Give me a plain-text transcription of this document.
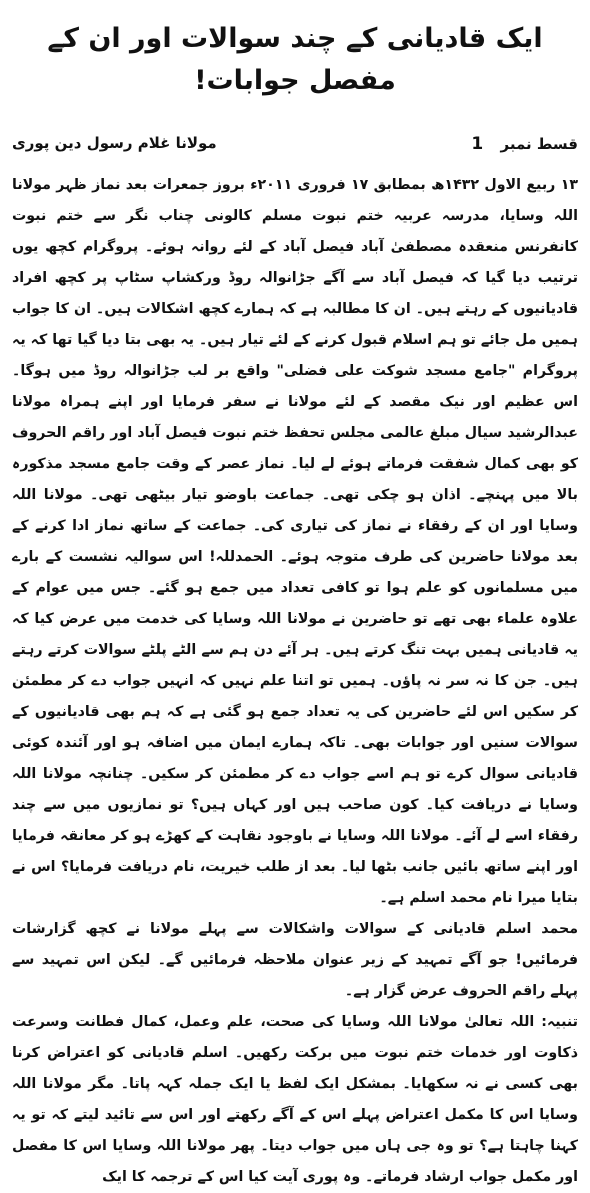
ایک قادیانی کے چند سوالات اور ان کے مفصل جوابات!
قسط نمبر 1
مولانا غلام رسول دین پوری

۱۳ ربیع الاول ۱۴۳۲ھ بمطابق ۱۷ فروری ۲۰۱۱ء بروز جمعرات بعد نماز ظہر مولانا اللہ وسایا، مدرسہ عربیہ ختم نبوت مسلم کالونی چناب نگر سے ختم نبوت کانفرنس منعقدہ مصطفیٰ آباد فیصل آباد کے لئے روانہ ہوئے۔ پروگرام کچھ یوں ترتیب دیا گیا کہ فیصل آباد سے آگے جڑانوالہ روڈ ورکشاپ سٹاپ پر کچھ افراد قادیانیوں کے رہتے ہیں۔ ان کا مطالبہ ہے کہ ہمارے کچھ اشکالات ہیں۔ ان کا جواب ہمیں مل جائے تو ہم اسلام قبول کرنے کے لئے تیار ہیں۔ یہ بھی بتا دیا گیا تھا کہ یہ پروگرام "جامع مسجد شوکت علی فضلی" واقع بر لب جڑانوالہ روڈ میں ہوگا۔ اس عظیم اور نیک مقصد کے لئے مولانا نے سفر فرمایا اور اپنے ہمراہ مولانا عبدالرشید سیال مبلغ عالمی مجلس تحفظ ختم نبوت فیصل آباد اور راقم الحروف کو بھی کمال شفقت فرماتے ہوئے لے لیا۔ نماز عصر کے وقت جامع مسجد مذکورہ بالا میں پہنچے۔ اذان ہو چکی تھی۔ جماعت باوضو تیار بیٹھی تھی۔ مولانا اللہ وسایا اور ان کے رفقاء نے نماز کی تیاری کی۔ جماعت کے ساتھ نماز ادا کرنے کے بعد مولانا حاضرین کی طرف متوجہ ہوئے۔ الحمدللہ! اس سوالیہ نشست کے بارے میں مسلمانوں کو علم ہوا تو کافی تعداد میں جمع ہو گئے۔ جس میں عوام کے علاوہ علماء بھی تھے تو حاضرین نے مولانا اللہ وسایا کی خدمت میں عرض کیا کہ یہ قادیانی ہمیں بہت تنگ کرتے ہیں۔ ہر آئے دن ہم سے الٹے پلٹے سوالات کرتے رہتے ہیں۔ جن کا نہ سر نہ پاؤں۔ ہمیں تو اتنا علم نہیں کہ انہیں جواب دے کر مطمئن کر سکیں اس لئے حاضرین کی یہ تعداد جمع ہو گئی ہے کہ ہم بھی قادیانیوں کے سوالات سنیں اور جوابات بھی۔ تاکہ ہمارے ایمان میں اضافہ ہو اور آئندہ کوئی قادیانی سوال کرے تو ہم اسے جواب دے کر مطمئن کر سکیں۔ چنانچہ مولانا اللہ وسایا نے دریافت کیا۔ کون صاحب ہیں اور کہاں ہیں؟ تو نمازیوں میں سے چند رفقاء اسے لے آئے۔ مولانا اللہ وسایا نے باوجود نقاہت کے کھڑے ہو کر معانقہ فرمایا اور اپنے ساتھ بائیں جانب بٹھا لیا۔ بعد از طلب خیریت، نام دریافت فرمایا؟ اس نے بتایا میرا نام محمد اسلم ہے۔

محمد اسلم قادیانی کے سوالات واشکالات سے پہلے مولانا نے کچھ گزارشات فرمائیں! جو آگے تمہید کے زیر عنوان ملاحظہ فرمائیں گے۔ لیکن اس تمہید سے پہلے راقم الحروف عرض گزار ہے۔

تنبیہ: اللہ تعالیٰ مولانا اللہ وسایا کی صحت، علم وعمل، کمال فطانت وسرعت ذکاوت اور خدمات ختم نبوت میں برکت رکھیں۔ اسلم قادیانی کو اعتراض کرنا بھی کسی نے نہ سکھایا۔ بمشکل ایک لفظ یا ایک جملہ کہہ پاتا۔ مگر مولانا اللہ وسایا اس کا مکمل اعتراض پہلے اس کے آگے رکھتے اور اس سے تائید لیتے کہ تو یہ کہنا چاہتا ہے؟ تو وہ جی ہاں میں جواب دیتا۔ پھر مولانا اللہ وسایا اس کا مفصل اور مکمل جواب ارشاد فرماتے۔ وہ پوری آیت کیا اس کے ترجمہ کا ایک
